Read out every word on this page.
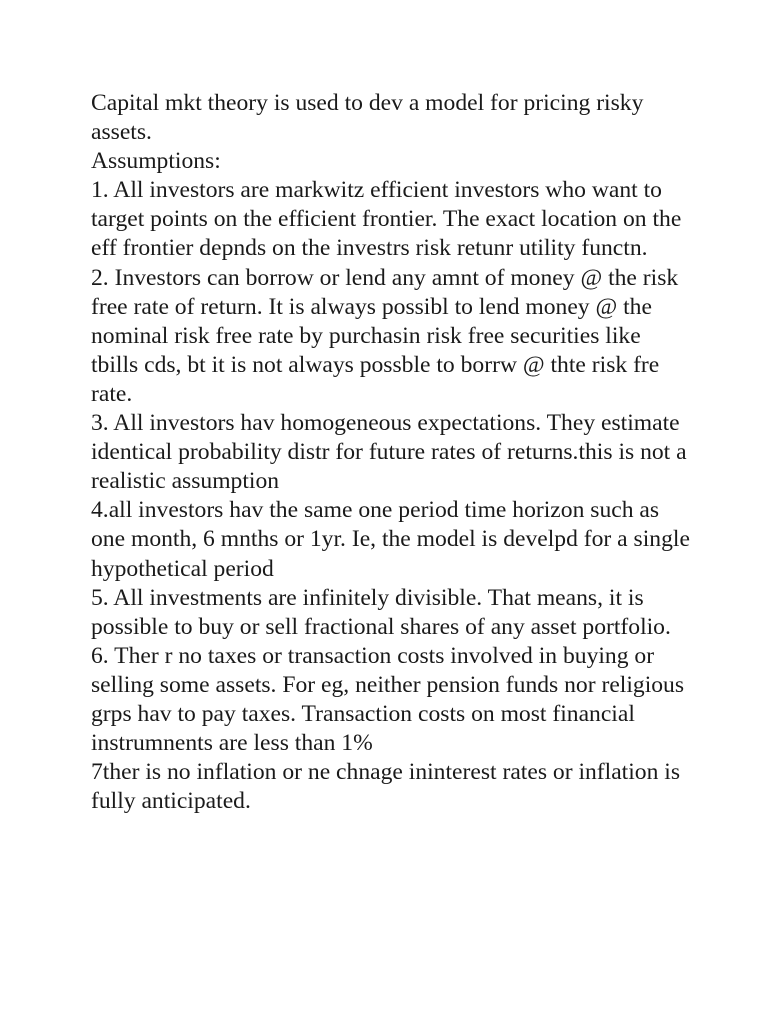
Capital mkt theory is used to dev a model for pricing risky assets.

Assumptions:

1. All investors are markwitz efficient investors who want to target points on the efficient frontier. The exact location on the eff frontier depnds on the investrs risk retunr utility functn.

2. Investors can borrow or lend any amnt of money @ the risk free rate of return. It is always possibl to lend money @ the nominal risk free rate by purchasin risk free securities like tbills cds, bt it is not always possble to borrw @ thte risk fre rate.

3. All investors hav homogeneous expectations. They estimate identical probability distr for future rates of returns.this is not a realistic assumption

4.all investors hav the same one period time horizon such as one month, 6 mnths or 1yr. Ie, the model is develpd for a single hypothetical period

5. All investments are infinitely divisible. That means, it is possible to buy or sell fractional shares of any asset portfolio.

6. Ther r no taxes or transaction costs involved in buying or selling some assets. For eg, neither pension funds nor religious grps hav to pay taxes. Transaction costs on most financial instrumnents are less than 1%

7ther is no inflation or ne chnage ininterest rates or inflation is fully anticipated.
